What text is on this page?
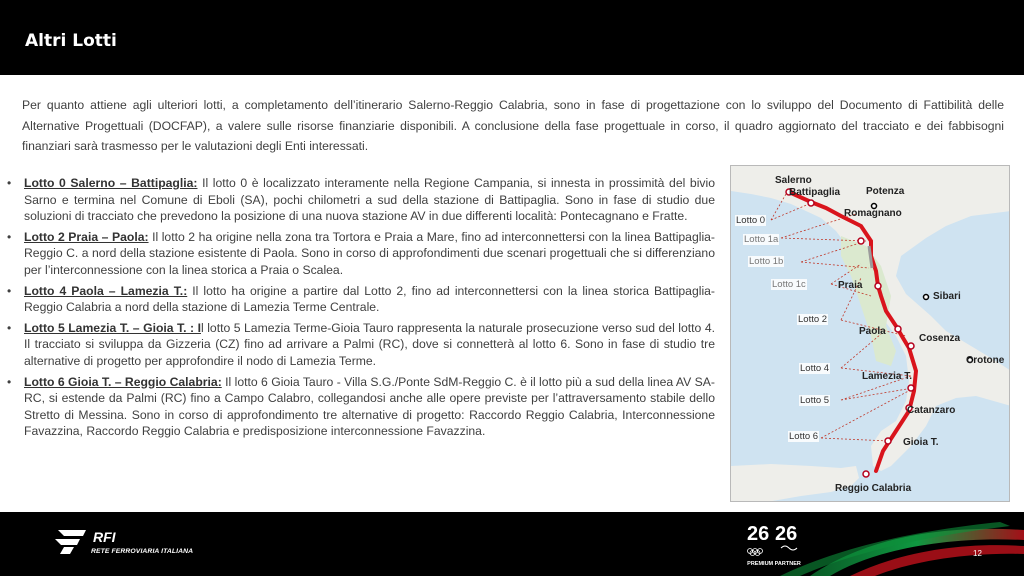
Altri Lotti

Per quanto attiene agli ulteriori lotti, a completamento dell’itinerario Salerno-Reggio Calabria, sono in fase di progettazione con lo sviluppo del Documento di Fattibilità delle Alternative Progettuali (DOCFAP), a valere sulle risorse finanziarie disponibili. A conclusione della fase progettuale in corso, il quadro aggiornato del tracciato e dei fabbisogni finanziari sarà trasmesso per le valutazioni degli Enti interessati.

• Lotto 0 Salerno – Battipaglia: Il lotto 0 è localizzato interamente nella Regione Campania, si innesta in prossimità del bivio Sarno e termina nel Comune di Eboli (SA), pochi chilometri a sud della stazione di Battipaglia. Sono in fase di studio due soluzioni di tracciato che prevedono la posizione di una nuova stazione AV in due differenti località: Pontecagnano e Fratte.
• Lotto 2 Praia – Paola: Il lotto 2 ha origine nella zona tra Tortora e Praia a Mare, fino ad interconnettersi con la linea Battipaglia-Reggio C. a nord della stazione esistente di Paola. Sono in corso di approfondimenti due scenari progettuali che si differenziano per l’interconnessione con la linea storica a Praia o Scalea.
• Lotto 4 Paola – Lamezia T.: Il lotto ha origine a partire dal Lotto 2, fino ad interconnettersi con la linea storica Battipaglia-Reggio Calabria a nord della stazione di Lamezia Terme Centrale.
• Lotto 5 Lamezia T. – Gioia T. : Il lotto 5 Lamezia Terme-Gioia Tauro rappresenta la naturale prosecuzione verso sud del lotto 4. Il tracciato si sviluppa da Gizzeria (CZ) fino ad arrivare a Palmi (RC), dove si connetterà al lotto 6. Sono in fase di studio tre alternative di progetto per approfondire il nodo di Lamezia Terme.
• Lotto 6 Gioia T. – Reggio Calabria: Il lotto 6 Gioia Tauro - Villa S.G./Ponte SdM-Reggio C. è il lotto più a sud della linea AV SA-RC, si estende da Palmi (RC) fino a Campo Calabro, collegandosi anche alle opere previste per l’attraversamento stabile dello Stretto di Messina. Sono in corso di approfondimento tre alternative di progetto: Raccordo Reggio Calabria, Interconnessione Favazzina, Raccordo Reggio Calabria e predisposizione interconnessione Favazzina.
Salerno
Battipaglia	Potenza
Romagnano
Praia
Sibari
Paola
Cosenza
Crotone
Lamezia T.
Catanzaro
Gioia T.
Reggio Calabria
Lotto 0
Lotto 1a
Lotto 1b
Lotto 1c
Lotto 2
Lotto 4
Lotto 5
Lotto 6
RFI
RETE FERROVIARIA ITALIANA
26 26
PREMIUM PARTNER
12
